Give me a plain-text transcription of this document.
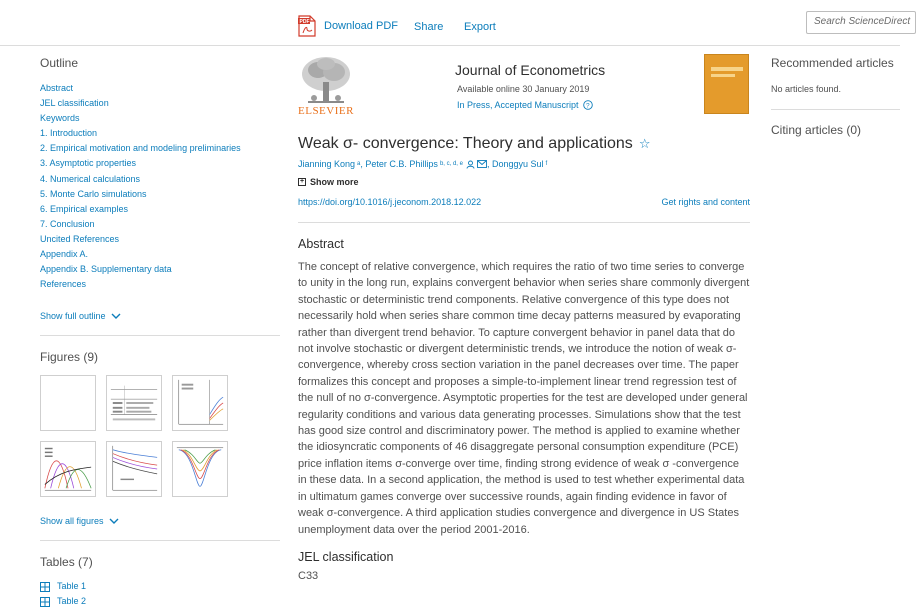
PDF Download PDF Share Export	Search ScienceDirect
Outline
Abstract
JEL classification
Keywords
1. Introduction
2. Empirical motivation and modeling preliminaries
3. Asymptotic properties
4. Numerical calculations
5. Monte Carlo simulations
6. Empirical examples
7. Conclusion
Uncited References
Appendix A.
Appendix B. Supplementary data
References
Show full outline
Figures (9)
Show all figures
Tables (7)
Table 1
Table 2
ELSEVIER
Journal of Econometrics
Available online 30 January 2019
In Press, Accepted Manuscript ?
Weak σ- convergence: Theory and applications ☆
Jianning Kong a , Peter C.B. Phillips b, c, d, e	, Donggyu Sul f
+ Show more
https://doi.org/10.1016/j.jeconom.2018.12.022	Get rights and content
Abstract

The concept of relative convergence, which requires the ratio of two time series to converge to unity in the long run, explains convergent behavior when series share commonly divergent stochastic or deterministic trend components. Relative convergence of this type does not necessarily hold when series share common time decay patterns measured by evaporating rather than divergent trend behavior. To capture convergent behavior in panel data that do not involve stochastic or divergent deterministic trends, we introduce the notion of weak σ-convergence, whereby cross section variation in the panel decreases over time. The paper formalizes this concept and proposes a simple-to-implement linear trend regression test of the null of no σ-convergence. Asymptotic properties for the test are developed under general regularity conditions and various data generating processes. Simulations show that the test has good size control and discriminatory power. The method is applied to examine whether the idiosyncratic components of 46 disaggregate personal consumption expenditure (PCE) price inflation items σ-converge over time, finding strong evidence of weak σ -convergence in these data. In a second application, the method is used to test whether experimental data in ultimatum games converge over successive rounds, again finding evidence in favor of weak σ-convergence. A third application studies convergence and divergence in US States unemployment data over the period 2001-2016.

JEL classification
C33
Recommended articles
No articles found.
Citing articles (0)
